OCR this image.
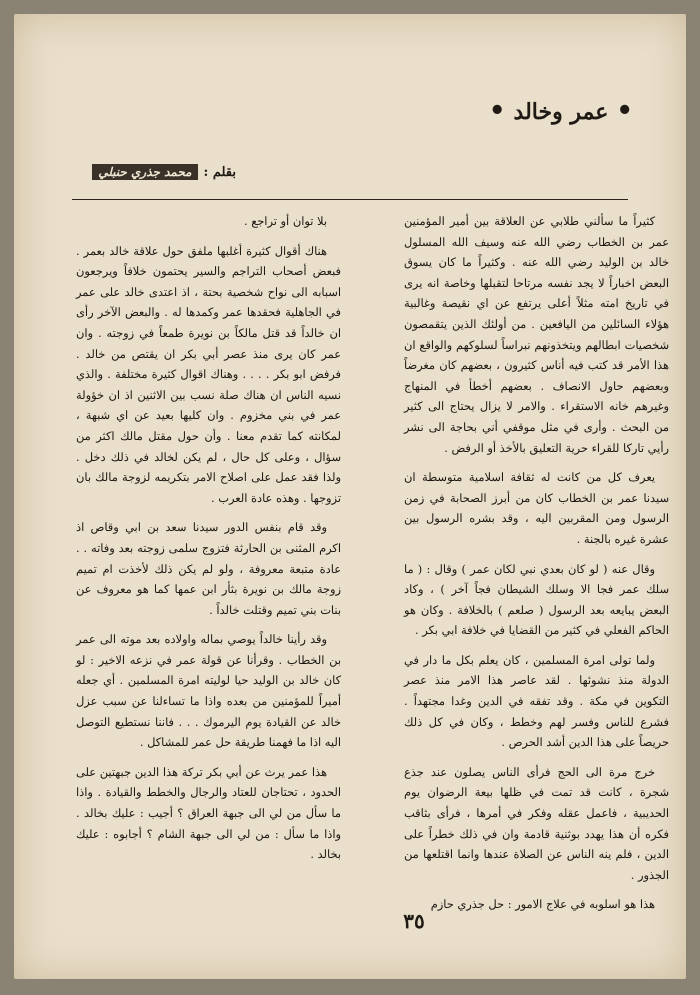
•عمر وخالد•
بقلم :
محمد جذري حنبلي

كثيراً ما سألني طلابي عن العلاقة بين أمير المؤمنين عمر بن الخطاب رضي الله عنه وسيف الله المسلول خالد بن الوليد رضي الله عنه . وكثيراً ما كان يسوق البعض اخباراً لا يجد نفسه مرتاحا لتقبلها وخاصة انه يرى في تاريخ امته مثلاً أعلى يرتفع عن اي نقيصة وغالبية هؤلاء السائلين من اليافعين . من أولئك الذين يتقمصون شخصيات ابطالهم ويتخذونهم نبراساً لسلوكهم والواقع ان هذا الأمر قد كتب فيه أناس كثيرون ، بعضهم كان مغرضاً وبعضهم حاول الانصاف . بعضهم أخطأ في المنهاج وغيرهم خانه الاستقراء . والامر لا يزال يحتاج الى كثير من البحث . وأرى في مثل موقفي أني بحاجة الى نشر رأيي تاركا للقراء حرية التعليق بالأخذ أو الرفض .

يعرف كل من كانت له ثقافة اسلامية متوسطة ان سيدنا عمر بن الخطاب كان من أبرز الصحابة في زمن الرسول ومن المقربين اليه ، وقد بشره الرسول بين عشرة غيره بالجنة .

وقال عنه ( لو كان بعدي نبي لكان عمر ) وقال : ( ما سلك عمر فجا الا وسلك الشيطان فجاً آخر ) ، وكاد البعض يبايعه بعد الرسول ( صلعم ) بالخلافة . وكان هو الحاكم الفعلي في كثير من القضايا في خلافة ابي بكر .

ولما تولى امرة المسلمين ، كان يعلم بكل ما دار في الدولة منذ نشوئها . لقد عاصر هذا الامر منذ عصر التكوين في مكة . وقد تفقه في الدين وغدا مجتهداً . فشرع للناس وفسر لهم وخطط ، وكان في كل ذلك حريصاً على هذا الدين أشد الحرص .

خرج مرة الى الحج فرأى الناس يصلون عند جذع شجرة ، كانت قد تمت في ظلها بيعة الرضوان يوم الحديبية ، فاعمل عقله وفكر في أمرها ، فرأى بثاقب فكره أن هذا يهدد بوثنية قادمة وان في ذلك خطراً على الدين ، فلم ينه الناس عن الصلاة عندها وانما اقتلعها من الجذور .

هذا هو اسلوبه في علاج الامور : حل جذري حازم

بلا توان أو تراجع .

هناك أقوال كثيرة أغلبها ملفق حول علاقة خالد بعمر . فبعض أصحاب التراجم والسير يحتمون خلافاً ويرجعون اسبابه الى نواح شخصية بحتة ، اذ اعتدى خالد على عمر في الجاهلية فحقدها عمر وكمدها له . والبعض الآخر رأى ان خالداً قد قتل مالكاً بن نويرة طمعاً في زوجته . وان عمر كان يرى منذ عصر أبي بكر ان يقتص من خالد . فرفض ابو بكر . . . . وهناك اقوال كثيرة مختلفة . والذي نسيه الناس ان هناك صلة نسب بين الاثنين اذ ان خؤولة عمر في بني مخزوم . وان كليها بعيد عن اي شبهة ، لمكانته كما تقدم معنا . وأن حول مقتل مالك اكثر من سؤال ، وعلى كل حال ، لم يكن لخالد في ذلك دخل . ولذا فقد عمل على اصلاح الامر بتكريمه لزوجة مالك بان تزوجها . وهذه عادة العرب .

وقد قام بنفس الدور سيدنا سعد بن ابي وقاص اذ اكرم المثنى بن الحارثة فتزوج سلمى زوجته بعد وفاته . . عادة متبعة معروفة ، ولو لم يكن ذلك لأخذت ام تميم زوجة مالك بن نويرة بثأر ابن عمها كما هو معروف عن بنات بني تميم وقتلت خالداً .

وقد رأينا خالداً يوصي بماله واولاده بعد موته الى عمر بن الخطاب . وقرأنا عن قولة عمر في نزعه الاخير : لو كان خالد بن الوليد حيا لوليته امرة المسلمين . أي جعله أميراً للمؤمنين من بعده واذا ما تساءلنا عن سبب عزل خالد عن القيادة يوم اليرموك . . . فاننا نستطيع التوصل اليه اذا ما فهمنا طريقة حل عمر للمشاكل .

هذا عمر يرث عن أبي بكر تركة هذا الدين جبهتين على الحدود ، تحتاجان للعتاد والرجال والخطط والقيادة . واذا ما سأل من لي الى جبهة العراق ؟ أجيب : عليك بخالد . واذا ما سأل : من لي الى جبهة الشام ؟ أجابوه : عليك بخالد .

٣٥
